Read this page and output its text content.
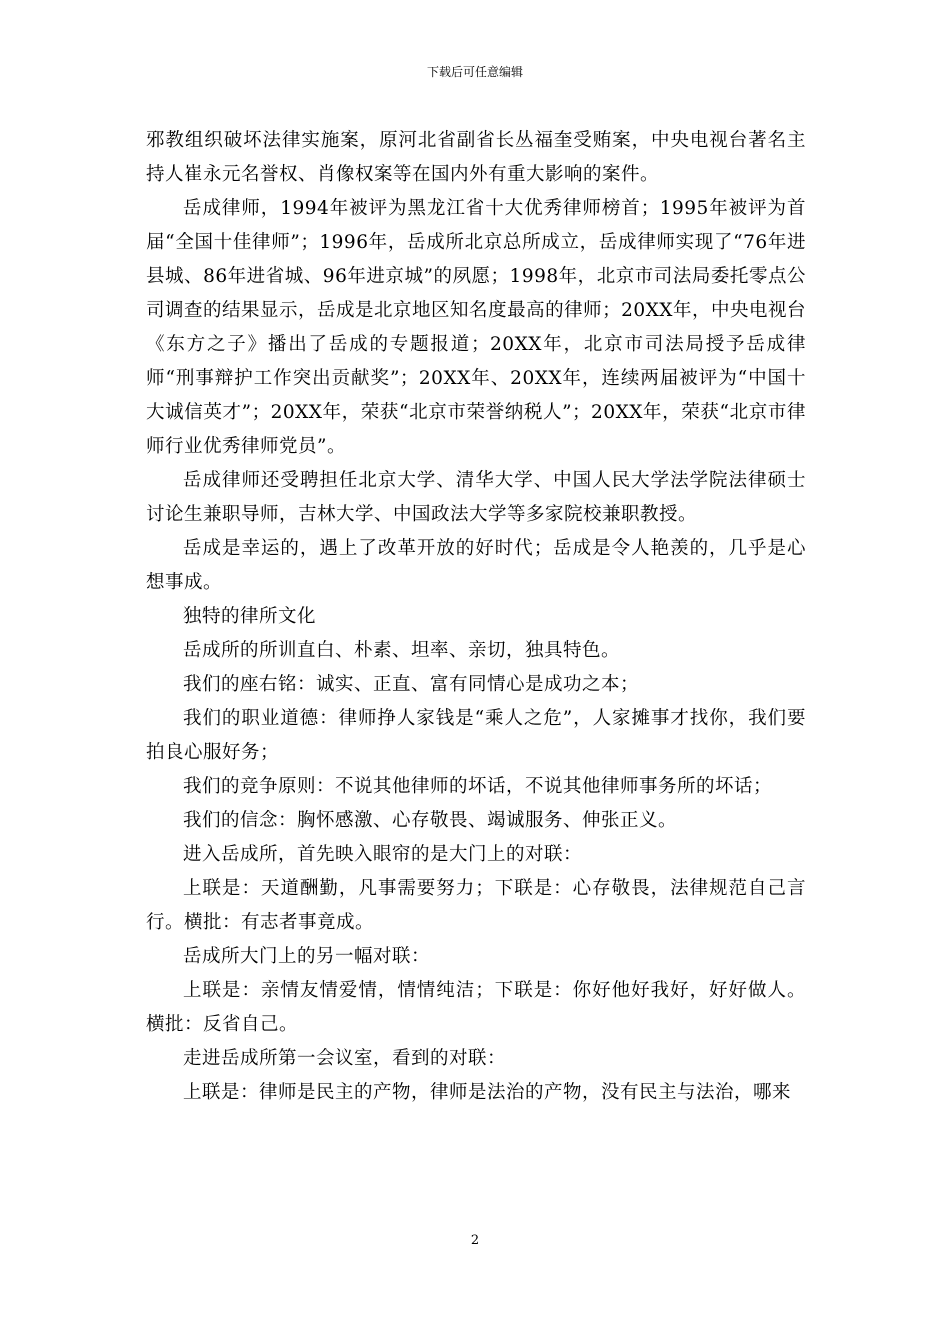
下载后可任意编辑

邪教组织破坏法律实施案，原河北省副省长丛福奎受贿案，中央电视台著名主持人崔永元名誉权、肖像权案等在国内外有重大影响的案件。

岳成律师，1994年被评为黑龙江省十大优秀律师榜首；1995年被评为首届“全国十佳律师”；1996年，岳成所北京总所成立，岳成律师实现了“76年进县城、86年进省城、96年进京城”的夙愿；1998年，北京市司法局委托零点公司调查的结果显示，岳成是北京地区知名度最高的律师；20XX年，中央电视台《东方之子》播出了岳成的专题报道；20XX年，北京市司法局授予岳成律师“刑事辩护工作突出贡献奖”；20XX年、20XX年，连续两届被评为“中国十大诚信英才”；20XX年，荣获“北京市荣誉纳税人”；20XX年，荣获“北京市律师行业优秀律师党员”。

岳成律师还受聘担任北京大学、清华大学、中国人民大学法学院法律硕士讨论生兼职导师，吉林大学、中国政法大学等多家院校兼职教授。

岳成是幸运的，遇上了改革开放的好时代；岳成是令人艳羡的，几乎是心想事成。

独特的律所文化

岳成所的所训直白、朴素、坦率、亲切，独具特色。

我们的座右铭：诚实、正直、富有同情心是成功之本；

我们的职业道德：律师挣人家钱是“乘人之危”，人家摊事才找你，我们要拍良心服好务；

我们的竞争原则：不说其他律师的坏话，不说其他律师事务所的坏话；

我们的信念：胸怀感激、心存敬畏、竭诚服务、伸张正义。

进入岳成所，首先映入眼帘的是大门上的对联：

上联是：天道酬勤，凡事需要努力；下联是：心存敬畏，法律规范自己言行。横批：有志者事竟成。

岳成所大门上的另一幅对联：

上联是：亲情友情爱情，情情纯洁；下联是：你好他好我好，好好做人。横批：反省自己。

走进岳成所第一会议室，看到的对联：

上联是：律师是民主的产物，律师是法治的产物，没有民主与法治，哪来

2
